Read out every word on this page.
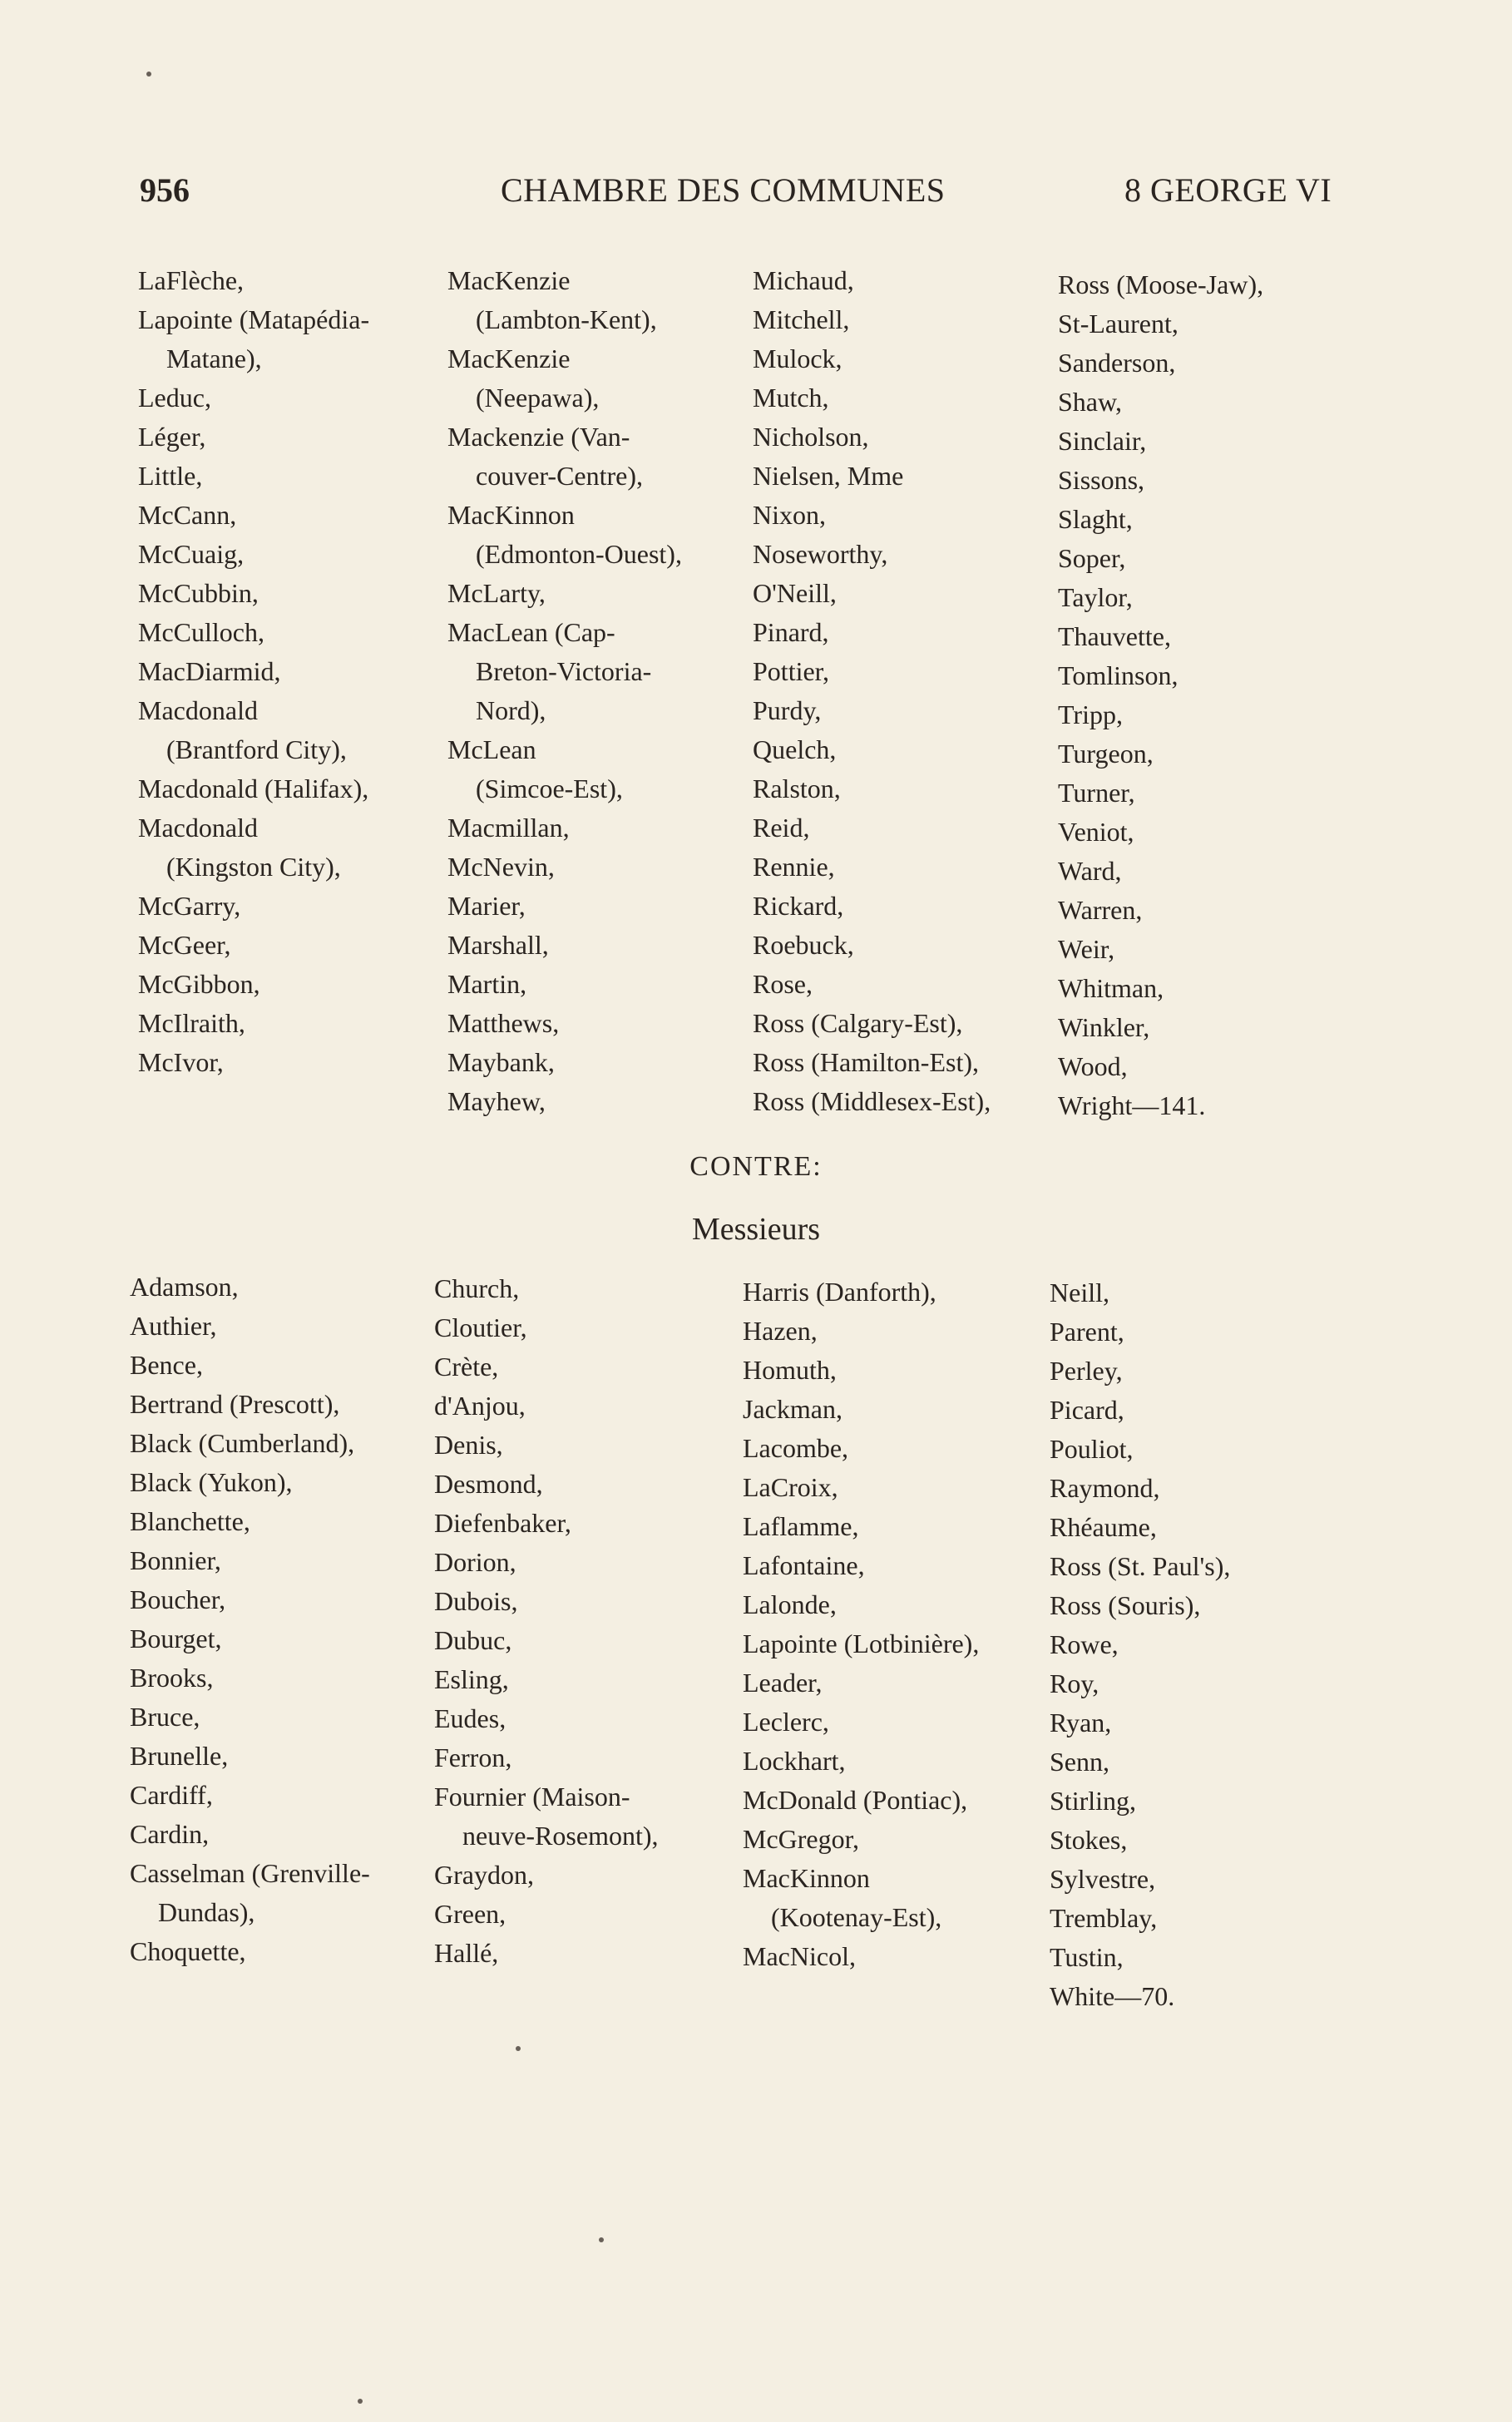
956	CHAMBRE DES COMMUNES	8 GEORGE VI
LaFlèche,
Lapointe (Matapédia-
Matane),
Leduc,
Léger,
Little,
McCann,
McCuaig,
McCubbin,
McCulloch,
MacDiarmid,
Macdonald
(Brantford City),
Macdonald (Halifax),
Macdonald
(Kingston City),
McGarry,
McGeer,
McGibbon,
McIlraith,
McIvor,
MacKenzie
(Lambton-Kent),
MacKenzie
(Neepawa),
Mackenzie (Van-
couver-Centre),
MacKinnon
(Edmonton-Ouest),
McLarty,
MacLean (Cap-
Breton-Victoria-
Nord),
McLean
(Simcoe-Est),
Macmillan,
McNevin,
Marier,
Marshall,
Martin,
Matthews,
Maybank,
Mayhew,
Michaud,
Mitchell,
Mulock,
Mutch,
Nicholson,
Nielsen, Mme
Nixon,
Noseworthy,
O'Neill,
Pinard,
Pottier,
Purdy,
Quelch,
Ralston,
Reid,
Rennie,
Rickard,
Roebuck,
Rose,
Ross (Calgary-Est),
Ross (Hamilton-Est),
Ross (Middlesex-Est),
Ross (Moose-Jaw),
St-Laurent,
Sanderson,
Shaw,
Sinclair,
Sissons,
Slaght,
Soper,
Taylor,
Thauvette,
Tomlinson,
Tripp,
Turgeon,
Turner,
Veniot,
Ward,
Warren,
Weir,
Whitman,
Winkler,
Wood,
Wright—141.
CONTRE:
Messieurs
Adamson,
Authier,
Bence,
Bertrand (Prescott),
Black (Cumberland),
Black (Yukon),
Blanchette,
Bonnier,
Boucher,
Bourget,
Brooks,
Bruce,
Brunelle,
Cardiff,
Cardin,
Casselman (Grenville-
Dundas),
Choquette,
Church,
Cloutier,
Crète,
d'Anjou,
Denis,
Desmond,
Diefenbaker,
Dorion,
Dubois,
Dubuc,
Esling,
Eudes,
Ferron,
Fournier (Maison-
neuve-Rosemont),
Graydon,
Green,
Hallé,
Harris (Danforth),
Hazen,
Homuth,
Jackman,
Lacombe,
LaCroix,
Laflamme,
Lafontaine,
Lalonde,
Lapointe (Lotbinière),
Leader,
Leclerc,
Lockhart,
McDonald (Pontiac),
McGregor,
MacKinnon
(Kootenay-Est),
MacNicol,
Neill,
Parent,
Perley,
Picard,
Pouliot,
Raymond,
Rhéaume,
Ross (St. Paul's),
Ross (Souris),
Rowe,
Roy,
Ryan,
Senn,
Stirling,
Stokes,
Sylvestre,
Tremblay,
Tustin,
White—70.
